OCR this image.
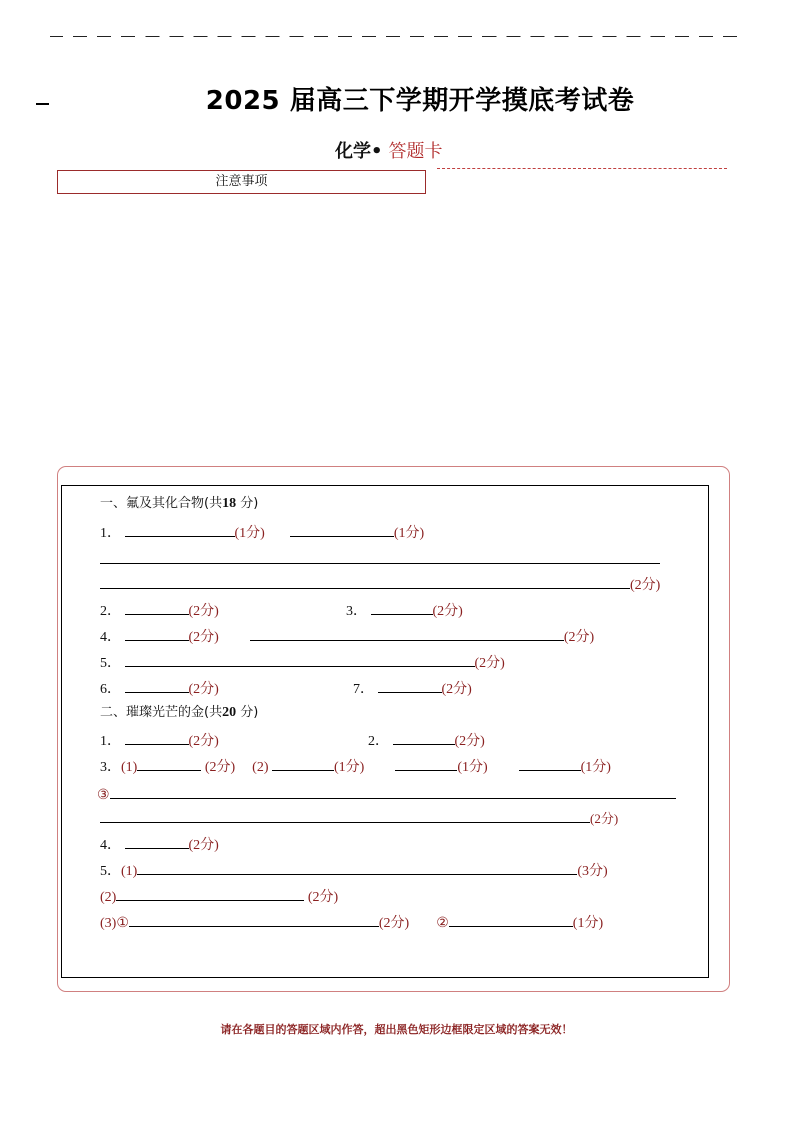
2025 届高三下学期开学摸底考试卷
化学• 答题卡
注意事项
一、氟及其化合物(共18 分)
1．	(1分)	(1分)
(2分)
2．	(2分)	3．	(2分)
4．	(2分)	(2分)
5．	(2分)
6．	(2分)	7．	(2分)
二、璀璨光芒的金(共20 分)
1．	(2分)	2．	(2分)
3．(1)	(2分) (2)	(1分)	(1分)	(1分)
③
(2分)
4．	(2分)
5．(1)	(3分)
(2)	(2分)
(3)①	(2分) ②	(1分)
请在各题目的答题区域内作答，超出黑色矩形边框限定区域的答案无效！
